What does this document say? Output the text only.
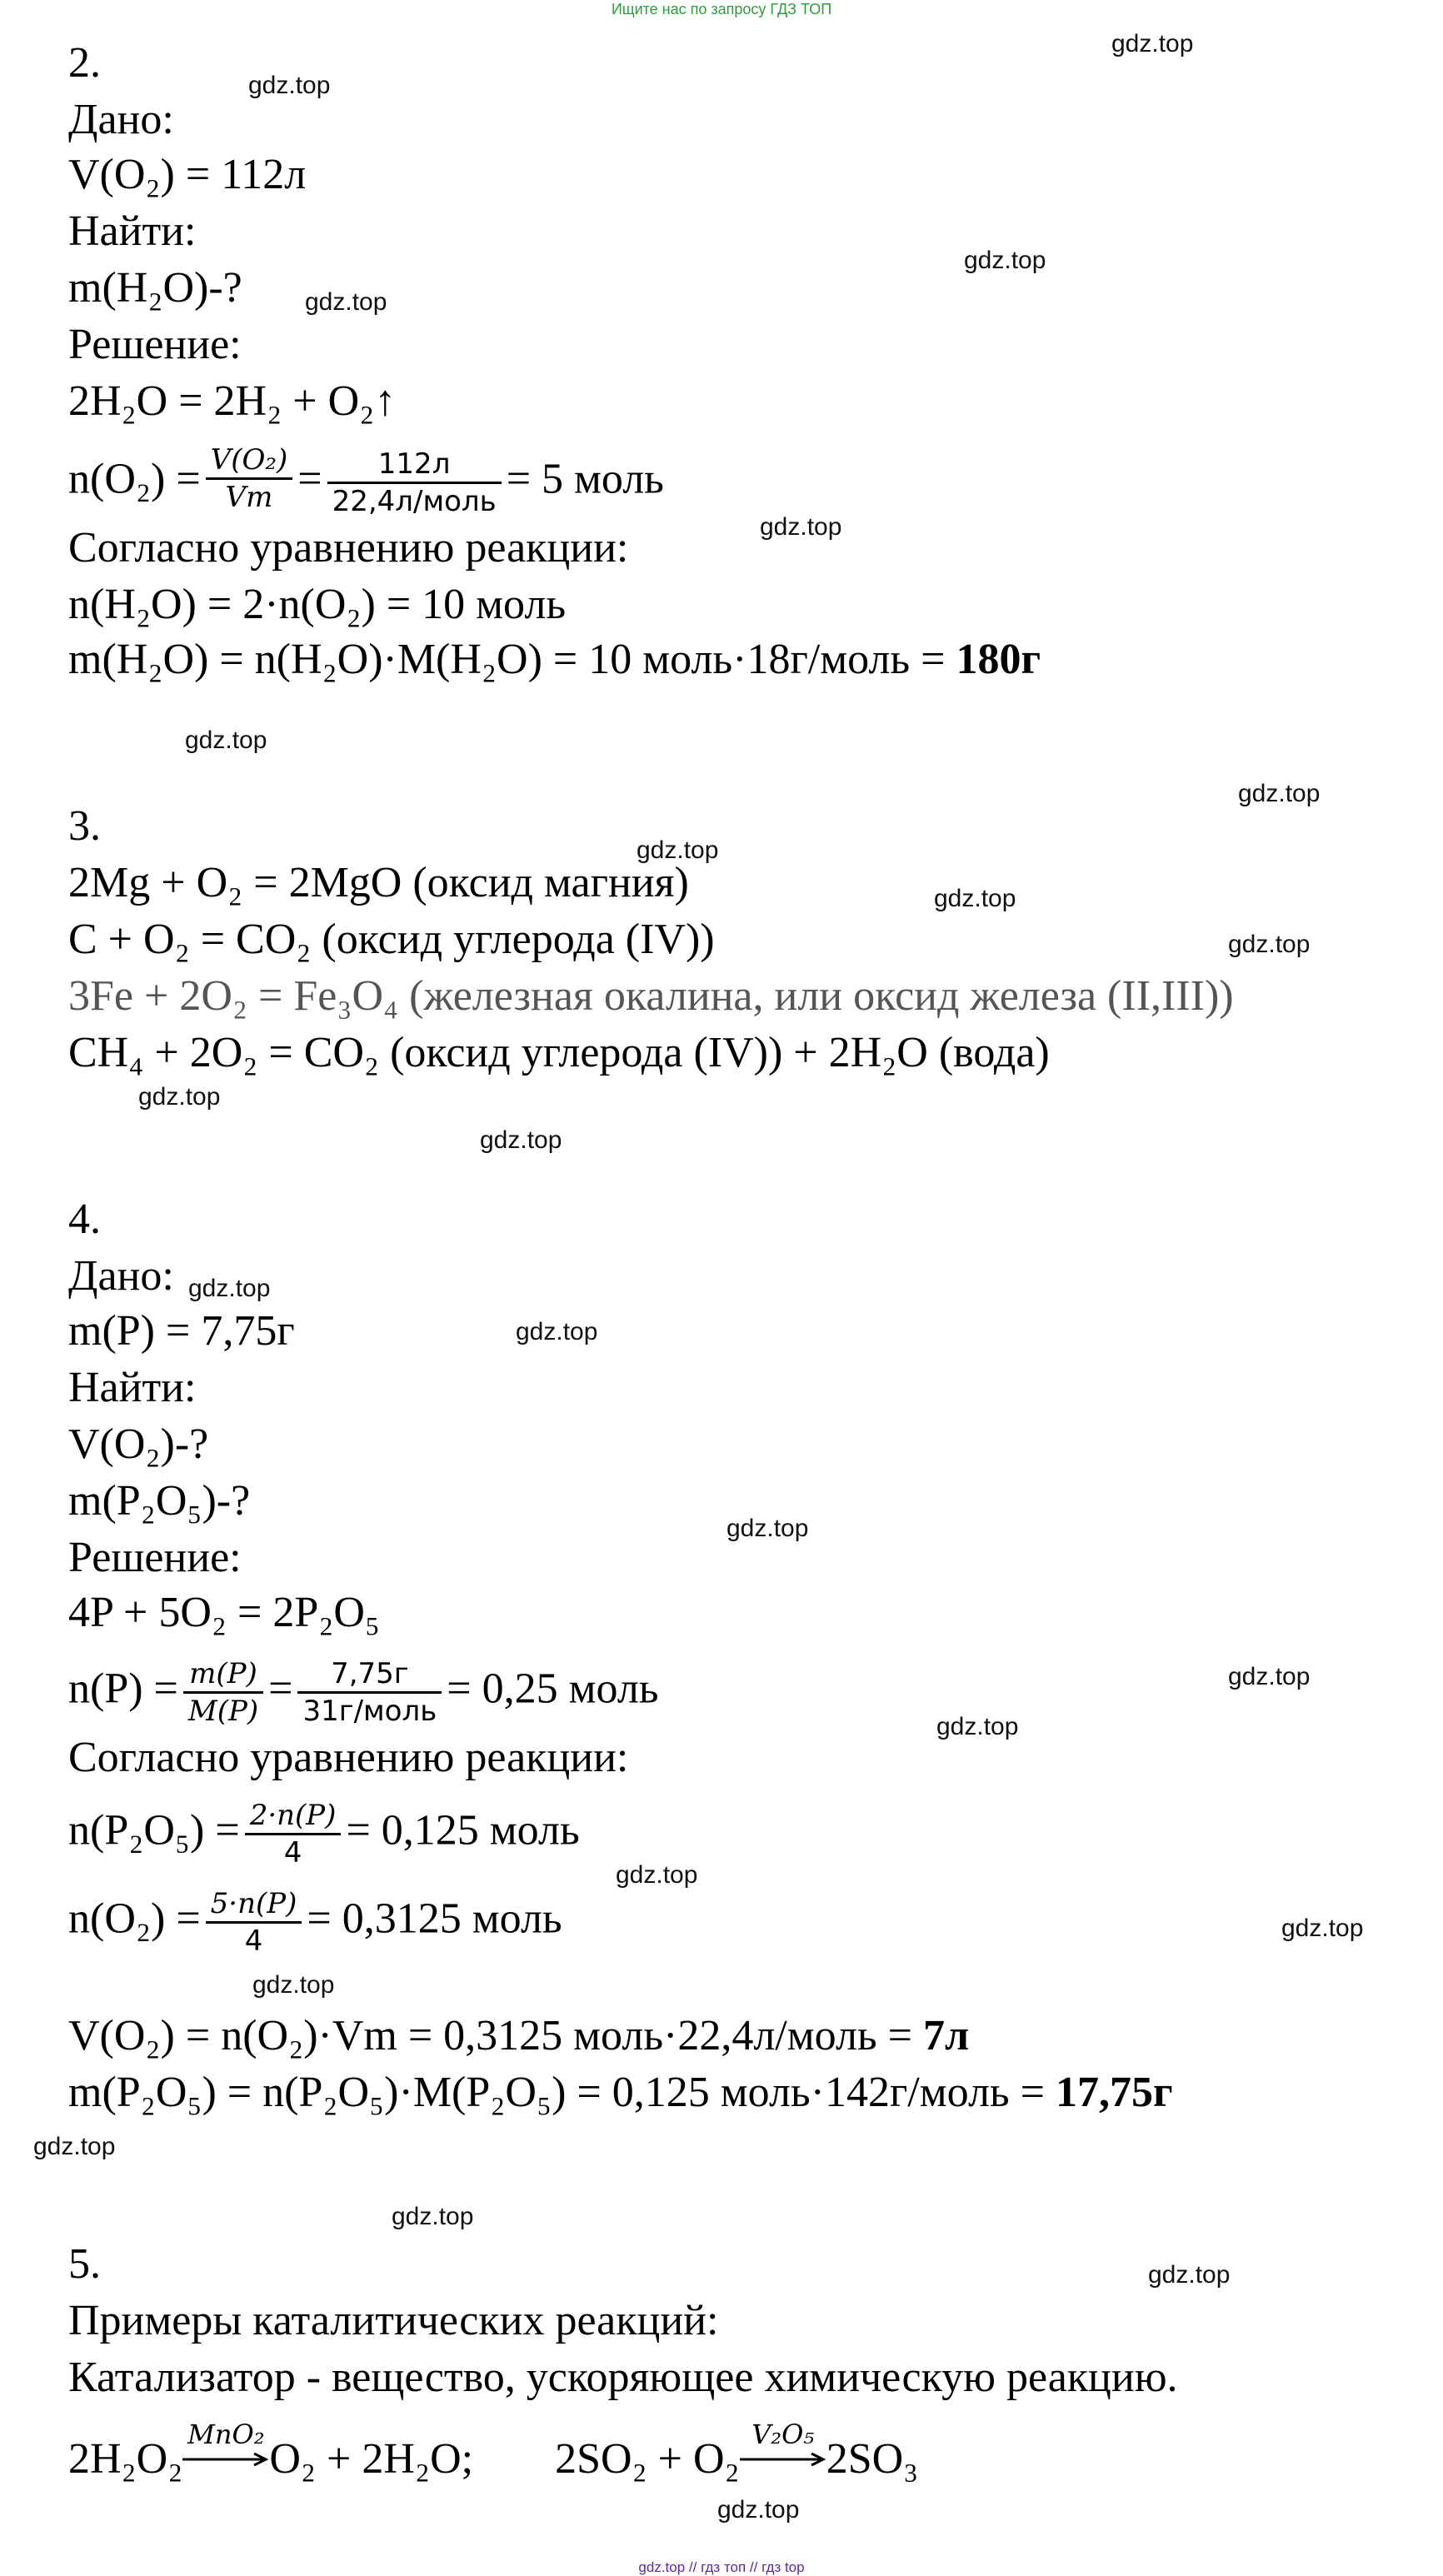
Ищите нас по запросу ГДЗ ТОП
gdz.top
gdz.top
gdz.top
gdz.top
gdz.top
gdz.top
gdz.top
gdz.top
gdz.top
gdz.top
gdz.top
gdz.top
gdz.top
gdz.top
gdz.top
gdz.top
gdz.top
gdz.top
gdz.top
gdz.top
gdz.top
gdz.top
gdz.top
gdz.top
2.
Дано:
V(O₂) = 112л
Найти:
m(H₂O)-?
Решение:
2H₂O = 2H₂ + O₂↑
$n(O_2) = \frac{\text{V(O₂)}}{Vm} = \frac{112л}{\text{22,4л/моль}} = 5$ моль
Согласно уравнению реакции:
n(H₂O) = 2·n(O₂) = 10 моль
m(H₂O) = n(H₂O)·M(H₂O) = 10 моль·18г/моль = 180г
3.
2Mg + O₂ = 2MgO (оксид магния)
C + O₂ = CO₂ (оксид углерода (IV))
3Fe + 2O₂ = Fe₃O₄ (железная окалина, или оксид железа (II,III))
CH₄ + 2O₂ = CO₂ (оксид углерода (IV)) + 2H₂O (вода)
4.
Дано:
m(P) = 7,75г
Найти:
V(O₂)-?
m(P₂O₅)-?
Решение:
4P + 5O₂ = 2P₂O₅
$n(P) = \frac{m(P)}{M(P)} = \frac{7,75г}{\text{31г/моль}} = 0,25$ моль
Согласно уравнению реакции:
$n(P_2O_5) = \frac{2\cdot n(P)}{4} = 0,125$ моль
$n(O_2) = \frac{5\cdot n(P)}{4} = 0,3125$ моль
V(O₂) = n(O₂)·Vm = 0,3125 моль·22,4л/моль = 7л
m(P₂O₅) = n(P₂O₅)·M(P₂O₅) = 0,125 моль·142г/моль = 17,75г
5.
Примеры каталитических реакций:
Катализатор - вещество, ускоряющее химическую реакцию.
2H₂O₂
MnO₂
O₂ + 2H₂O; 2SO₂ + O₂
V₂O₅
2SO₃
gdz.top // гдз топ // гдз top
